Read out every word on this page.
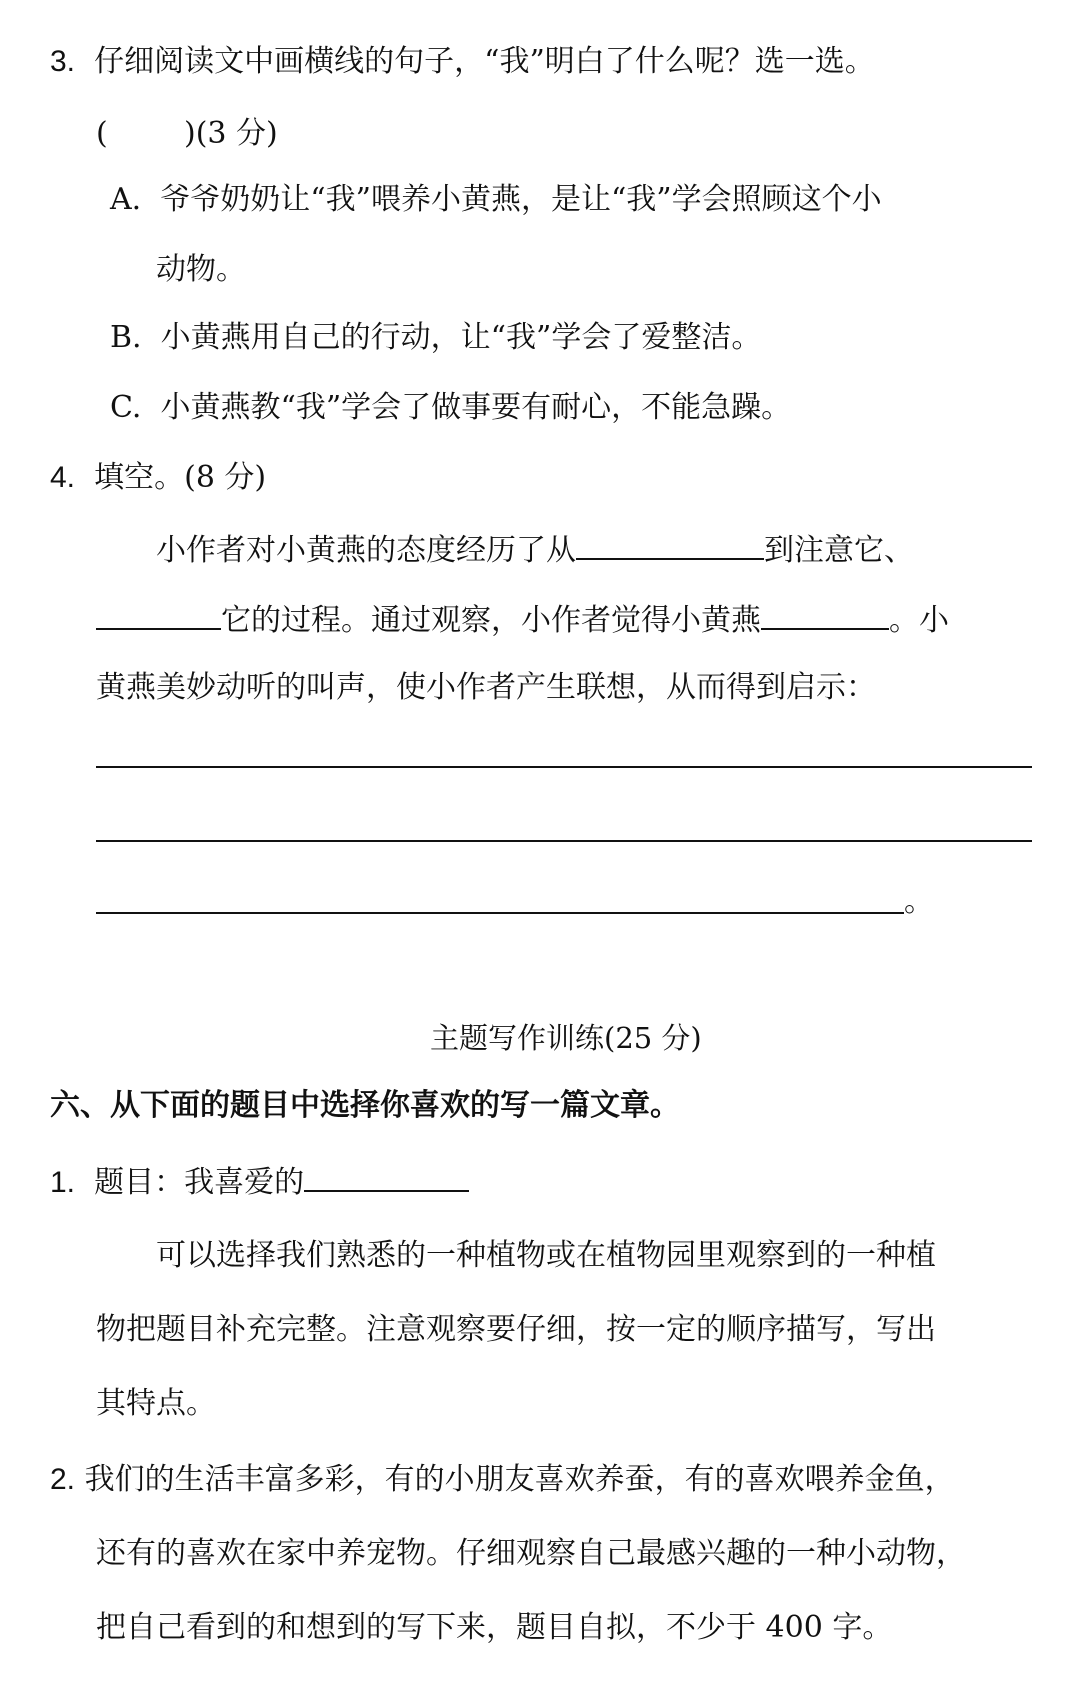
3. 仔细阅读文中画横线的句子，“我”明白了什么呢？选一选。
(        )(3 分)
A. 爷爷奶奶让“我”喂养小黄燕，是让“我”学会照顾这个小
动物。
B. 小黄燕用自己的行动，让“我”学会了爱整洁。
C. 小黄燕教“我”学会了做事要有耐心，不能急躁。
4. 填空。(8 分)
小作者对小黄燕的态度经历了从	到注意它、
它的过程。通过观察，小作者觉得小黄燕	。小
黄燕美妙动听的叫声，使小作者产生联想，从而得到启示：
。
主题写作训练(25 分)
六、从下面的题目中选择你喜欢的写一篇文章。
1. 题目：我喜爱的
可以选择我们熟悉的一种植物或在植物园里观察到的一种植
物把题目补充完整。注意观察要仔细，按一定的顺序描写，写出
其特点。
2. 我们的生活丰富多彩，有的小朋友喜欢养蚕，有的喜欢喂养金鱼，
还有的喜欢在家中养宠物。仔细观察自己最感兴趣的一种小动物，
把自己看到的和想到的写下来，题目自拟，不少于 400 字。
